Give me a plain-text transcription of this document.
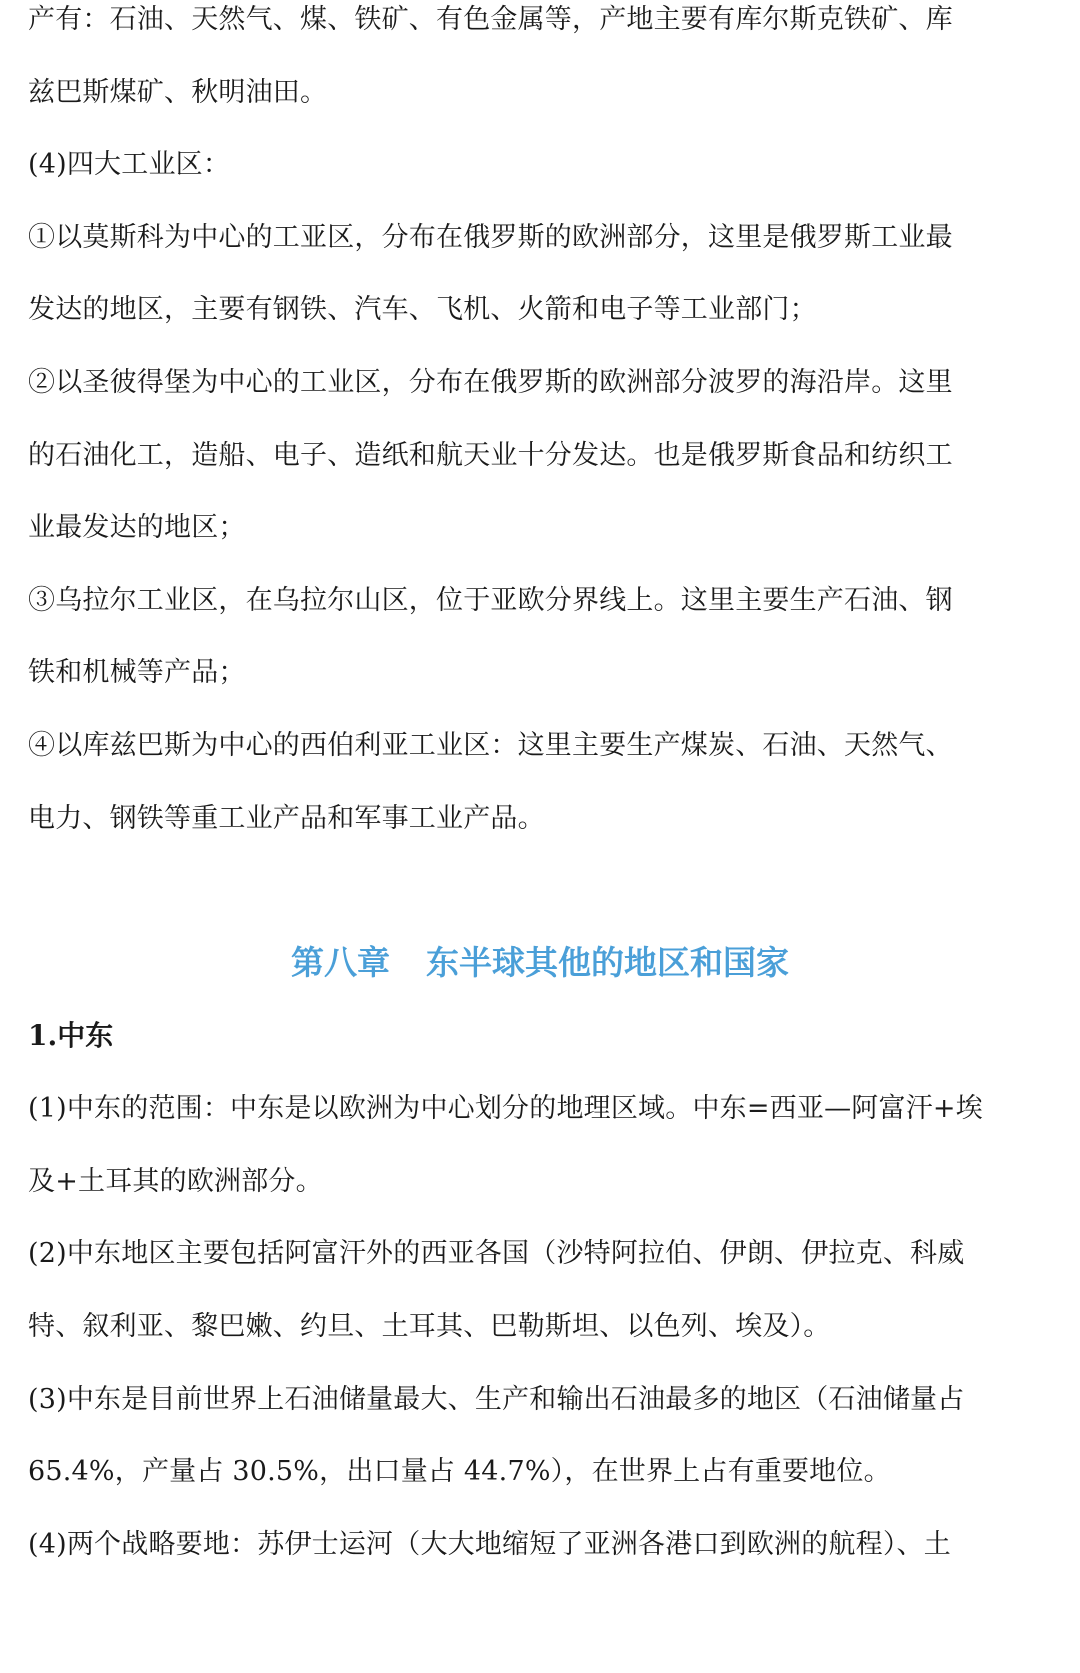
产有：石油、天然气、煤、铁矿、有色金属等，产地主要有库尔斯克铁矿、库
兹巴斯煤矿、秋明油田。
(4)四大工业区：
①以莫斯科为中心的工亚区，分布在俄罗斯的欧洲部分，这里是俄罗斯工业最
发达的地区，主要有钢铁、汽车、飞机、火箭和电子等工业部门；
②以圣彼得堡为中心的工业区，分布在俄罗斯的欧洲部分波罗的海沿岸。这里
的石油化工，造船、电子、造纸和航天业十分发达。也是俄罗斯食品和纺织工
业最发达的地区；
③乌拉尔工业区，在乌拉尔山区，位于亚欧分界线上。这里主要生产石油、钢
铁和机械等产品；
④以库兹巴斯为中心的西伯利亚工业区：这里主要生产煤炭、石油、天然气、
电力、钢铁等重工业产品和军事工业产品。
第八章 东半球其他的地区和国家
1.中东
(1)中东的范围：中东是以欧洲为中心划分的地理区域。中东=西亚—阿富汗+埃
及+土耳其的欧洲部分。
(2)中东地区主要包括阿富汗外的西亚各国（沙特阿拉伯、伊朗、伊拉克、科威
特、叙利亚、黎巴嫩、约旦、土耳其、巴勒斯坦、以色列、埃及）。
(3)中东是目前世界上石油储量最大、生产和输出石油最多的地区（石油储量占
65.4%，产量占 30.5%，出口量占 44.7%），在世界上占有重要地位。
(4)两个战略要地：苏伊士运河（大大地缩短了亚洲各港口到欧洲的航程）、土
